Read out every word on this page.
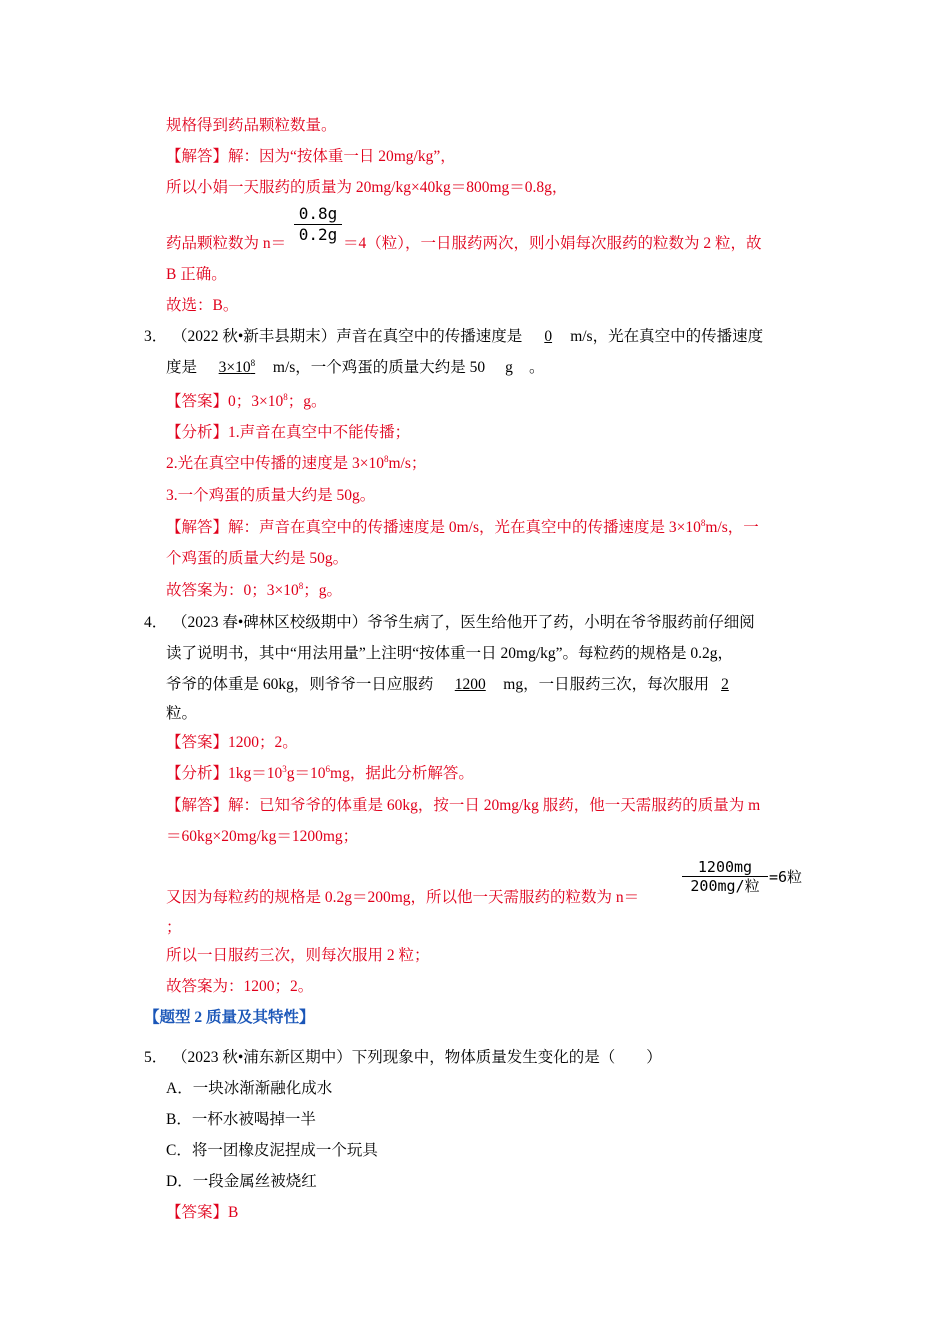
规格得到药品颗粒数量。
【解答】解：因为“按体重一日 20mg/kg”，
所以小娟一天服药的质量为 20mg/kg×40kg＝800mg＝0.8g，
0.8g
0.2g
药品颗粒数为 n＝	＝4（粒），一日服药两次，则小娟每次服药的粒数为 2 粒，故
B 正确。
故选：B。
3． （2022 秋•新丰县期末）声音在真空中的传播速度是 0 m/s，光在真空中的传播速度
度是 $3\times 10^8$ m/s，一个鸡蛋的质量大约是 50 g 。
【答案】0；$3\times 10^8$；g。
【分析】1.声音在真空中不能传播；
2.光在真空中传播的速度是 $3\times 10^8m/s$；
3.一个鸡蛋的质量大约是 50g。
【解答】解：声音在真空中的传播速度是 0m/s，光在真空中的传播速度是 $3\times 10^8m/s$，一
个鸡蛋的质量大约是 50g。
故答案为：0；$3\times 10^8$；g。
4． （2023 春•碑林区校级期中）爷爷生病了，医生给他开了药，小明在爷爷服药前仔细阅
读了说明书，其中“用法用量”上注明“按体重一日 20mg/kg”。每粒药的规格是 0.2g，
爷爷的体重是 60kg，则爷爷一日应服药 1200 mg，一日服药三次，每次服用 2
粒。
【答案】1200；2。
【分析】$1kg=10^3g=10^6mg$，据此分析解答。
【解答】解：已知爷爷的体重是 60kg，按一日 20mg/kg 服药，他一天需服药的质量为 m
＝60kg×20mg/kg＝1200mg；
1200mg
200mg/粒 =6粒
又因为每粒药的规格是 0.2g＝200mg，所以他一天需服药的粒数为 n＝
；
所以一日服药三次，则每次服用 2 粒；
故答案为：1200；2。
【题型 2 质量及其特性】
5． （2023 秋•浦东新区期中）下列现象中，物体质量发生变化的是（　　）
A．一块冰渐渐融化成水
B．一杯水被喝掉一半
C．将一团橡皮泥捏成一个玩具
D．一段金属丝被烧红
【答案】B
